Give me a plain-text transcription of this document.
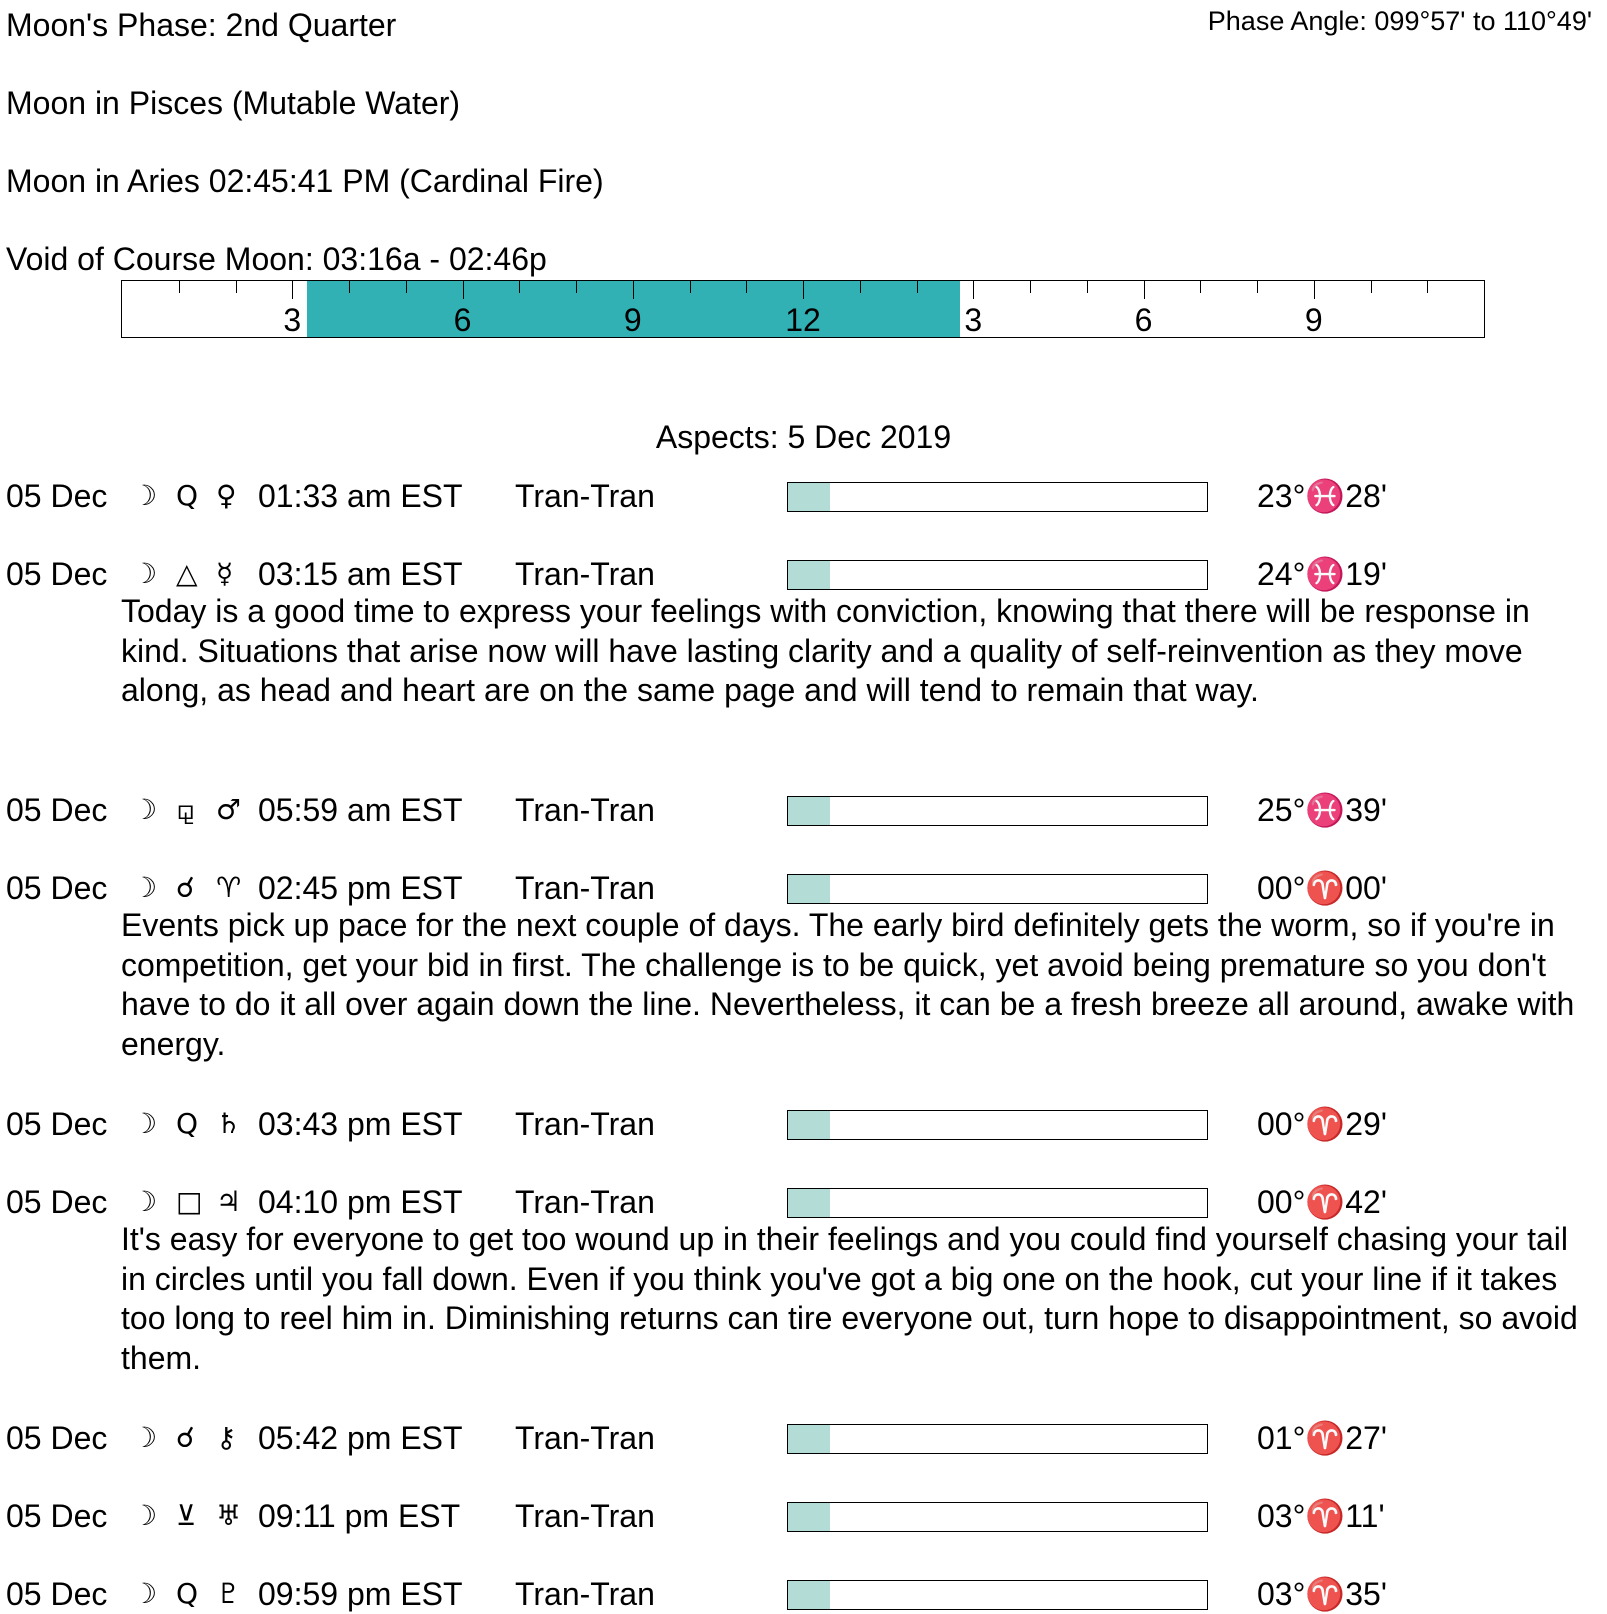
Moon's Phase: 2nd Quarter	Phase Angle: 099°57' to 110°49'
Moon in Pisces (Mutable Water)
Moon in Aries 02:45:41 PM (Cardinal Fire)
Void of Course Moon: 03:16a - 02:46p
3	6	9	12	3	6	9
Aspects: 5 Dec 2019
05 Dec ☽ Q ♀ 01:33 am EST Tran-Tran	23°♓28'
05 Dec ☽ △ ☿ 03:15 am EST Tran-Tran	24°♓19'
Today is a good time to express your feelings with conviction, knowing that there will be response in kind. Situations that arise now will have lasting clarity and a quality of self-reinvention as they move along, as head and heart are on the same page and will tend to remain that way.
05 Dec ☽ ⚼ ♂ 05:59 am EST Tran-Tran	25°♓39'
05 Dec ☽ ☌ ♈ 02:45 pm EST Tran-Tran	00°♈00'
Events pick up pace for the next couple of days. The early bird definitely gets the worm, so if you're in competition, get your bid in first. The challenge is to be quick, yet avoid being premature so you don't have to do it all over again down the line. Nevertheless, it can be a fresh breeze all around, awake with energy.
05 Dec ☽ Q ♄ 03:43 pm EST Tran-Tran	00°♈29'
05 Dec ☽ □ ♃ 04:10 pm EST Tran-Tran	00°♈42'
It's easy for everyone to get too wound up in their feelings and you could find yourself chasing your tail in circles until you fall down. Even if you think you've got a big one on the hook, cut your line if it takes too long to reel him in. Diminishing returns can tire everyone out, turn hope to disappointment, so avoid them.
05 Dec ☽ ☌ ⚷ 05:42 pm EST Tran-Tran	01°♈27'
05 Dec ☽ ⊻ ♅ 09:11 pm EST Tran-Tran	03°♈11'
05 Dec ☽ Q ♇ 09:59 pm EST Tran-Tran	03°♈35'
